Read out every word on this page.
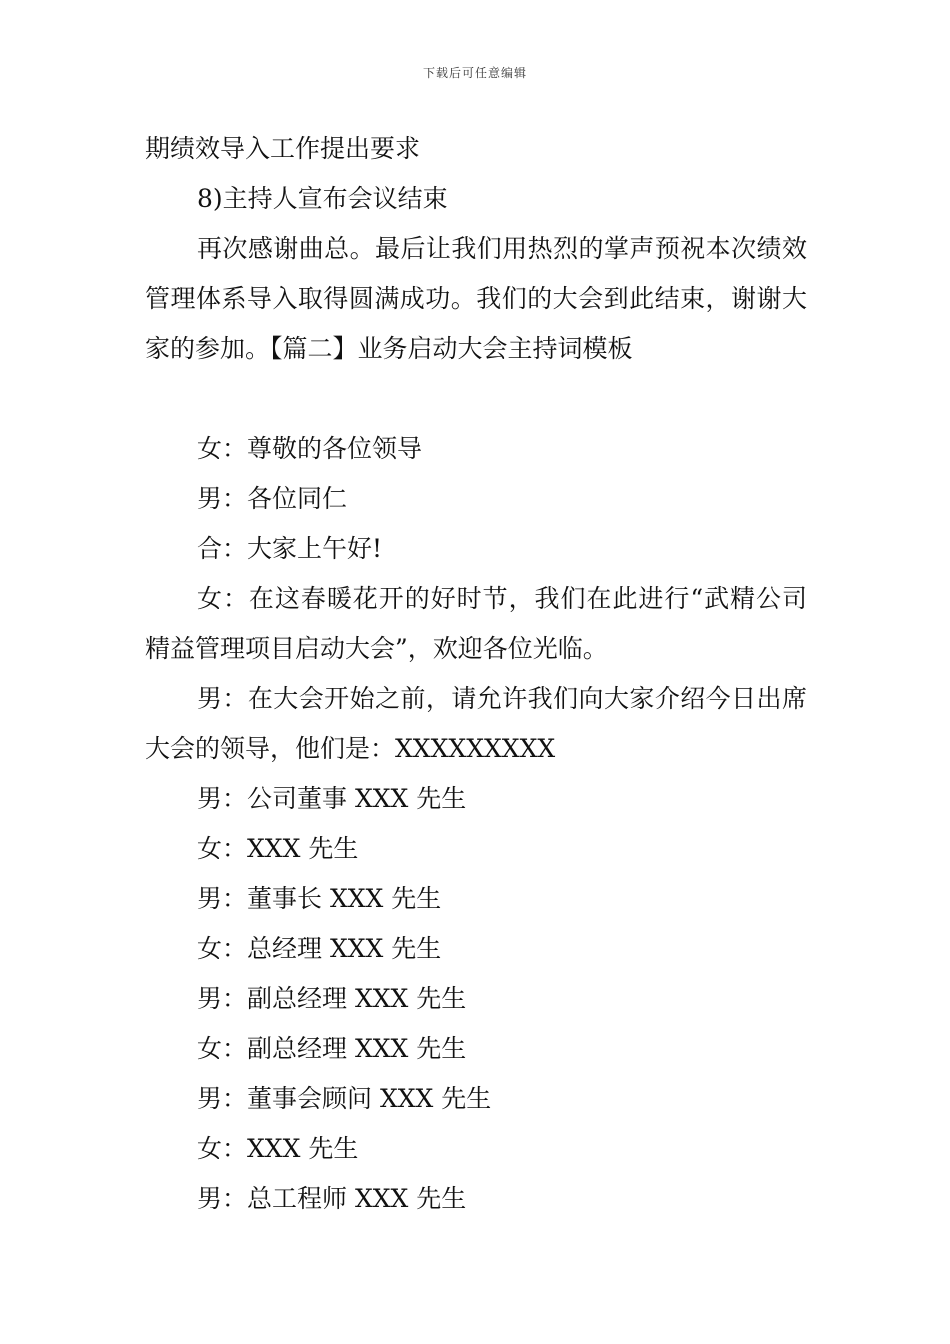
下载后可任意编辑

期绩效导入工作提出要求

8)主持人宣布会议结束

再次感谢曲总。最后让我们用热烈的掌声预祝本次绩效管理体系导入取得圆满成功。我们的大会到此结束，谢谢大家的参加。【篇二】业务启动大会主持词模板

女：尊敬的各位领导

男：各位同仁

合：大家上午好!

女：在这春暖花开的好时节，我们在此进行“武精公司精益管理项目启动大会”，欢迎各位光临。

男：在大会开始之前，请允许我们向大家介绍今日出席大会的领导，他们是：XXXXXXXXX

男：公司董事 XXX 先生

女：XXX 先生

男：董事长 XXX 先生

女：总经理 XXX 先生

男：副总经理 XXX 先生

女：副总经理 XXX 先生

男：董事会顾问 XXX 先生

女：XXX 先生

男：总工程师 XXX 先生
